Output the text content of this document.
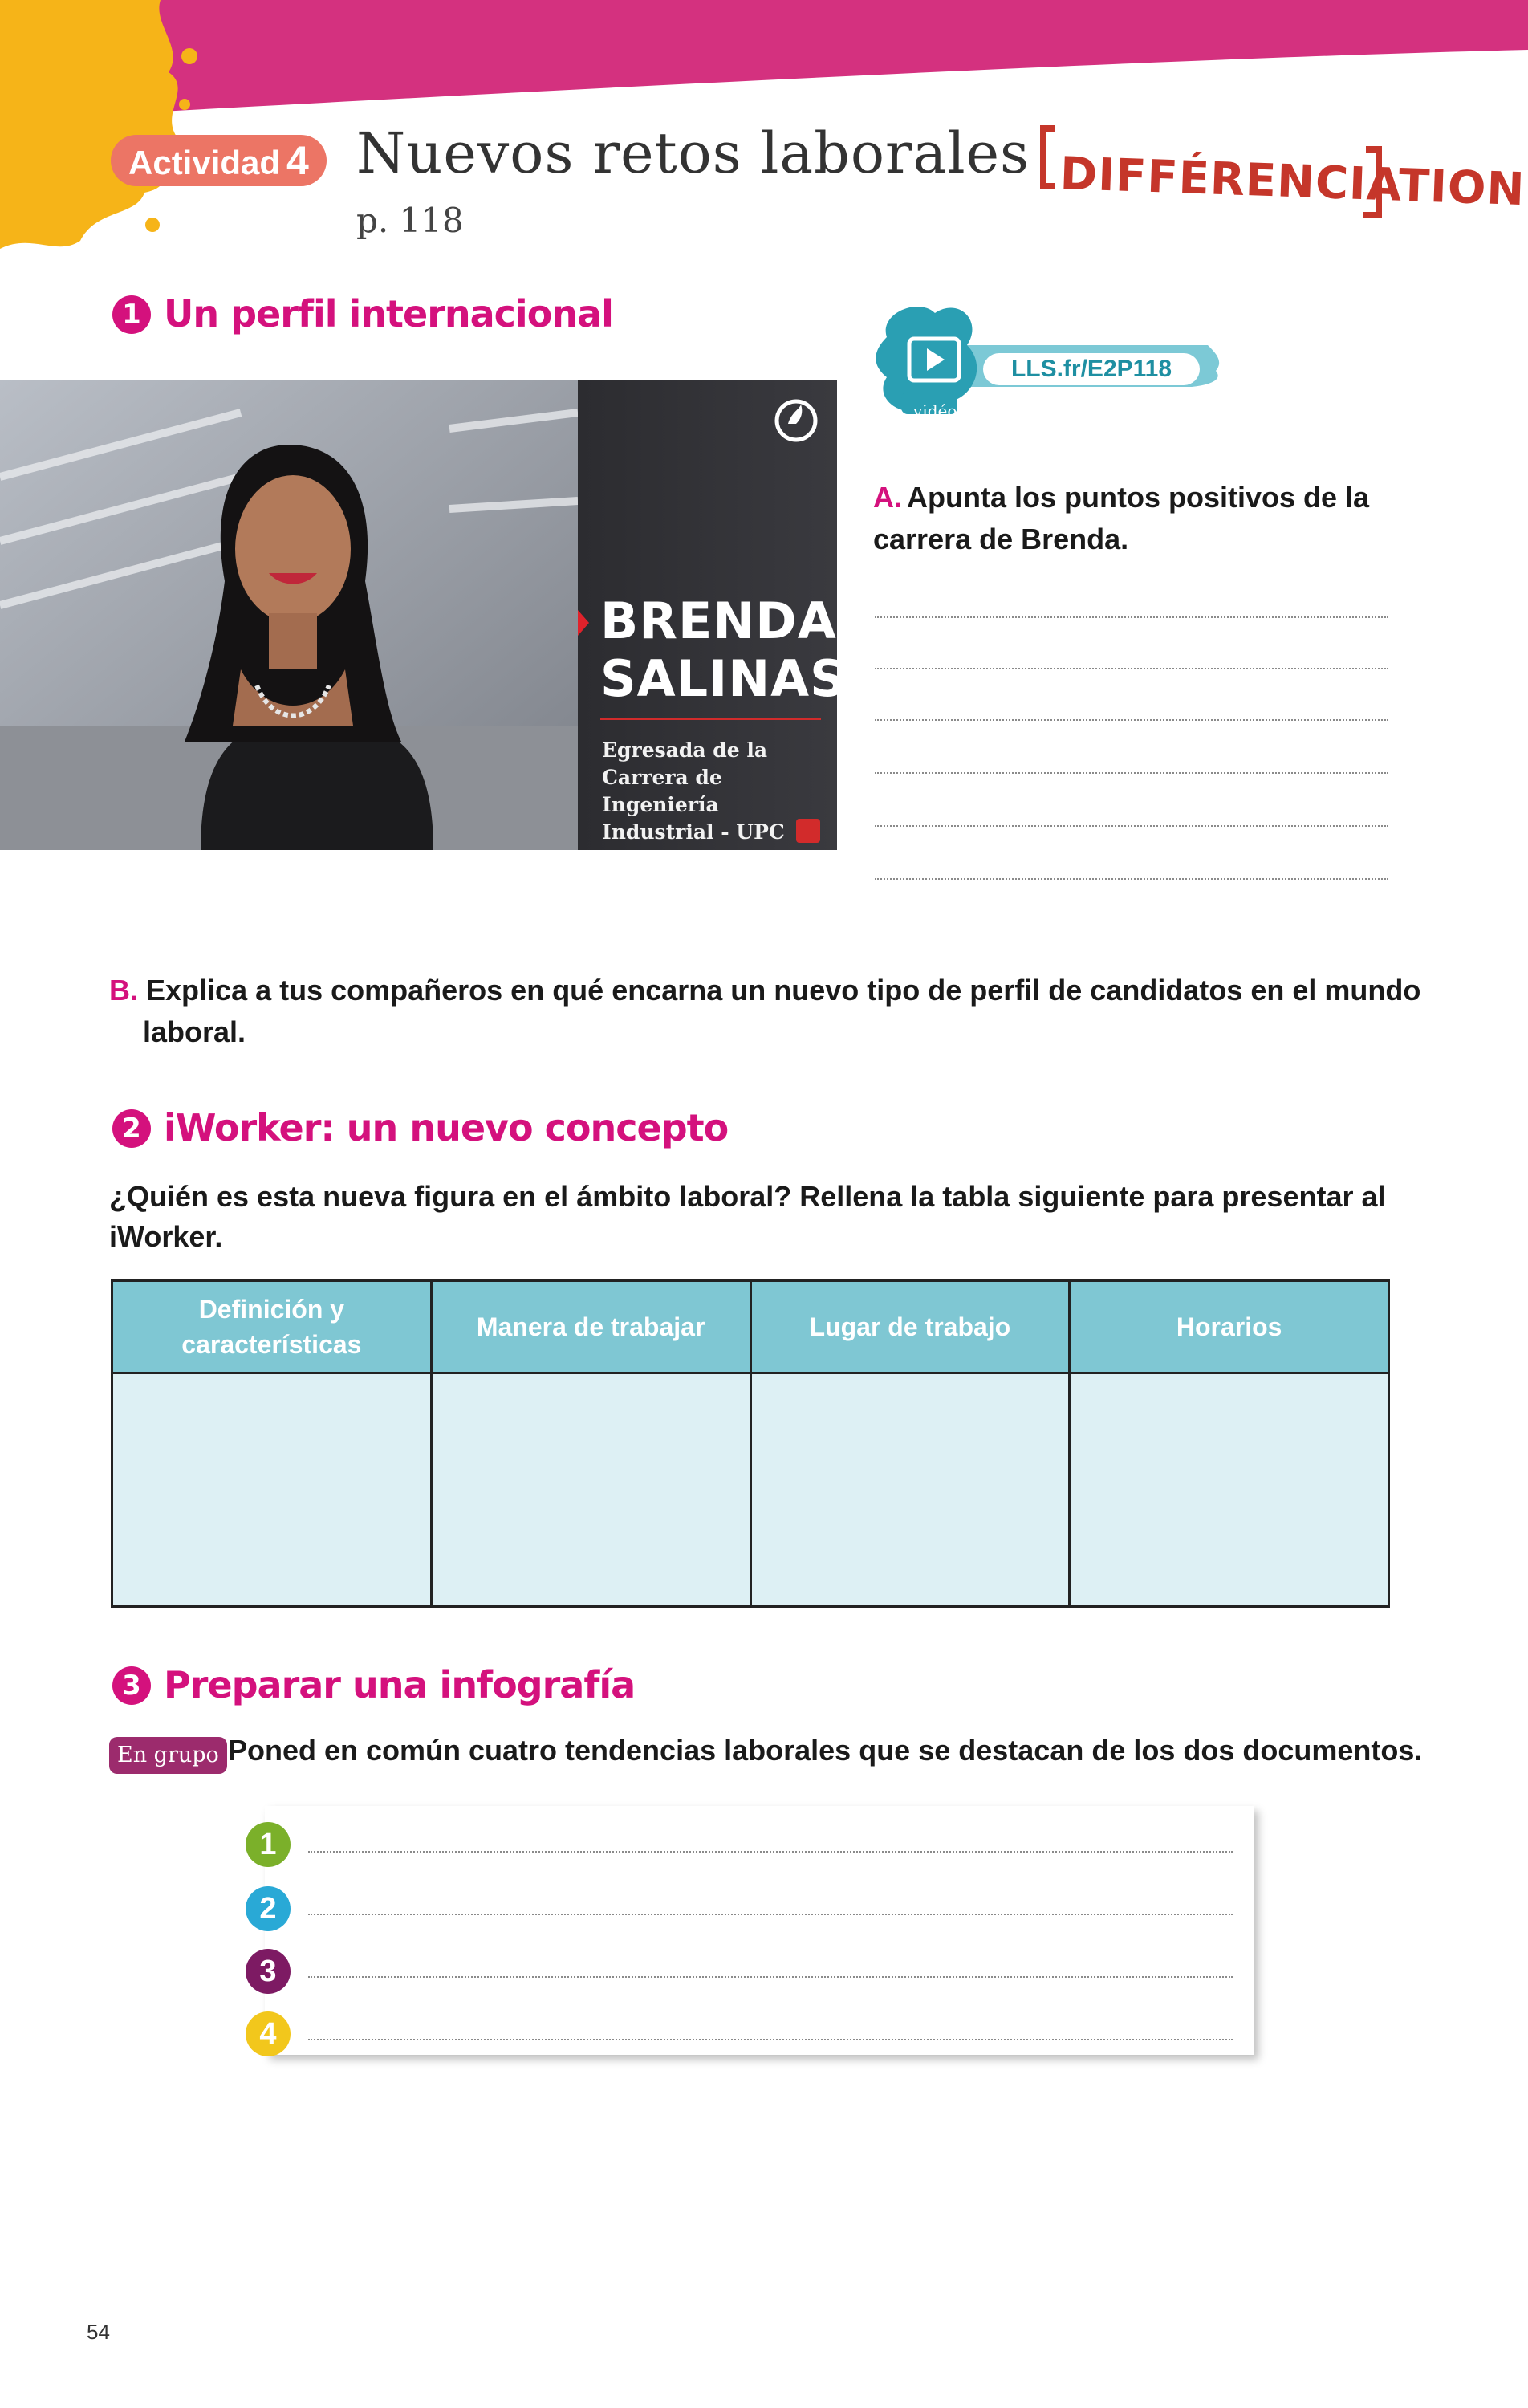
Actividad 4 Nuevos retos laborales
p. 118
DIFFÉRENCIATION
1 Un perfil internacional
BRENDA
SALINAS
Egresada de la Carrera de Ingeniería Industrial - UPC
vidéo
LLS.fr/E2P118
A. Apunta los puntos positivos de la carrera de Brenda.
B. Explica a tus compañeros en qué encarna un nuevo tipo de perfil de candidatos en el mundo laboral.
2 iWorker: un nuevo concepto
¿Quién es esta nueva figura en el ámbito laboral? Rellena la tabla siguiente para presentar al iWorker.
Definición y características	Manera de trabajar	Lugar de trabajo	Horarios

3 Preparar una infografía
En grupo Poned en común cuatro tendencias laborales que se destacan de los dos documentos.
1
2
3
4
54
